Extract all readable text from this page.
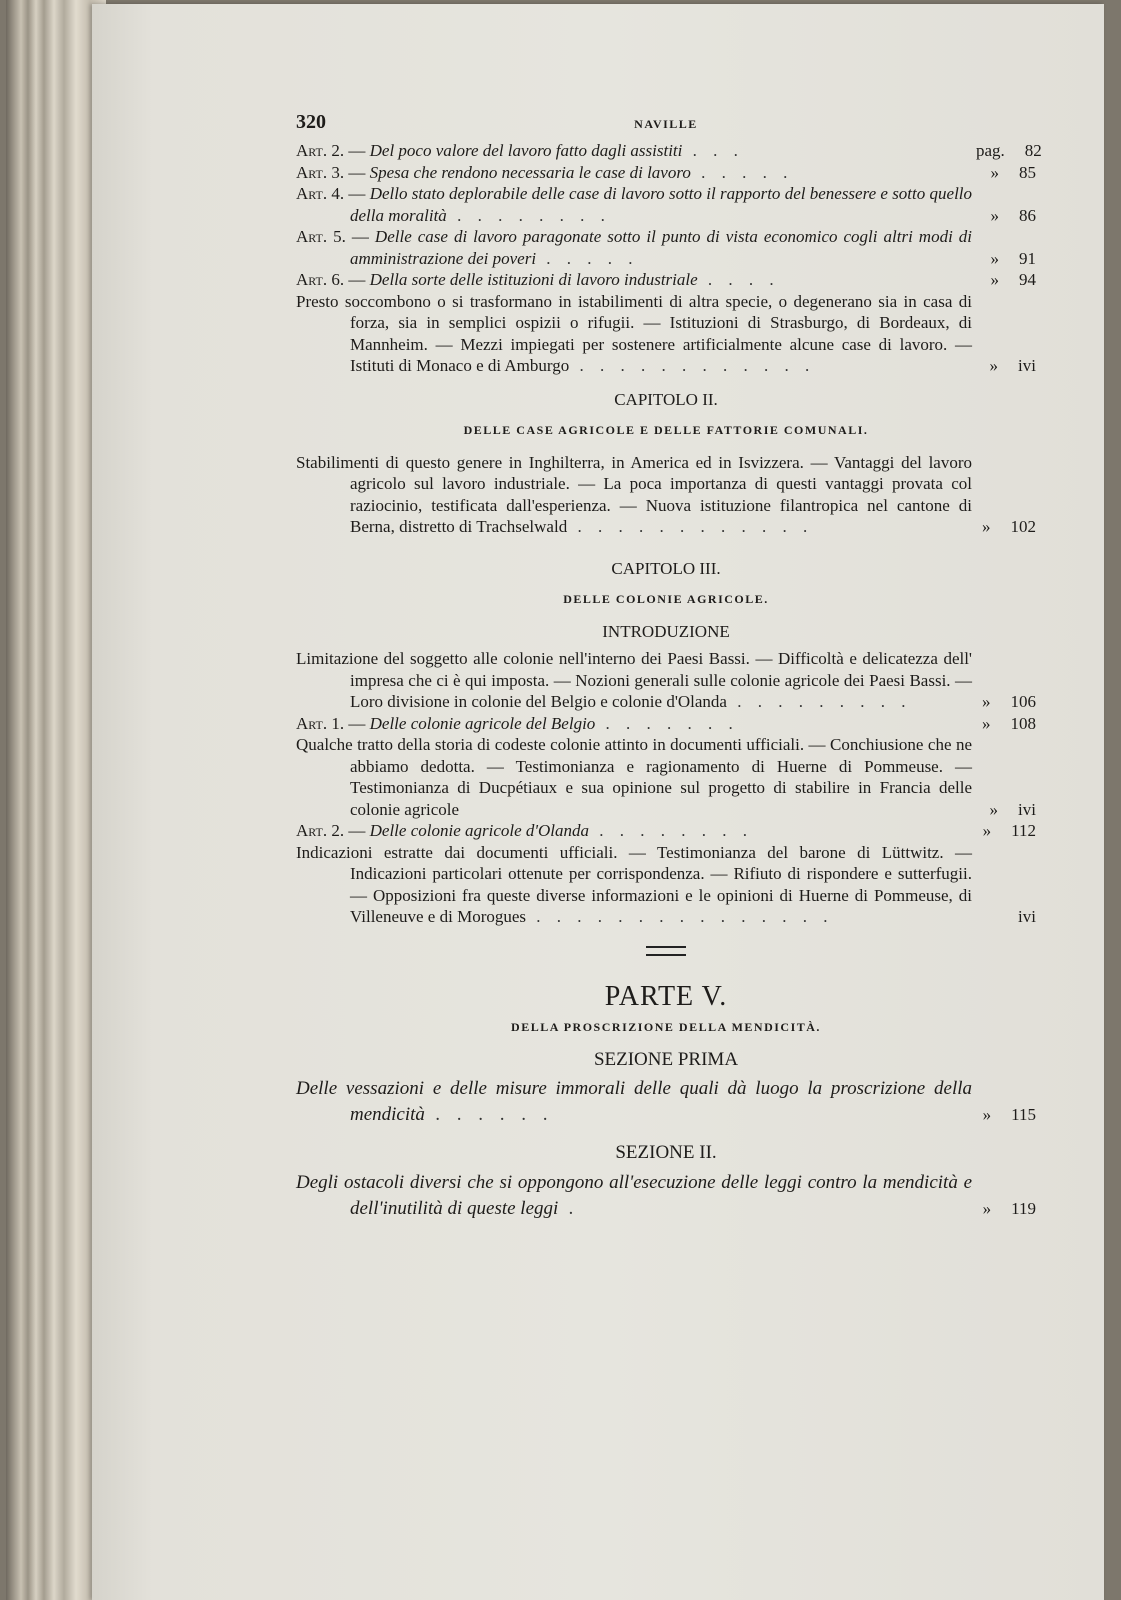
320	NAVILLE
Art. 2. — Del poco valore del lavoro fatto dagli assistiti . . .	pag. 82
Art. 3. — Spesa che rendono necessaria le case di lavoro . . . . .	» 85
Art. 4. — Dello stato deplorabile delle case di lavoro sotto il rapporto del benessere e sotto quello della moralità . . . . . . . .	» 86
Art. 5. — Delle case di lavoro paragonate sotto il punto di vista economico cogli altri modi di amministrazione dei poveri . . . . .	» 91
Art. 6. — Della sorte delle istituzioni di lavoro industriale . . . .	» 94
Presto soccombono o si trasformano in istabilimenti di altra specie, o degenerano sia in casa di forza, sia in semplici ospizii o rifugii. — Istituzioni di Strasburgo, di Bordeaux, di Mannheim. — Mezzi impiegati per sostenere artificialmente alcune case di lavoro. — Istituti di Monaco e di Amburgo . . . . . . . . . . . .	» ivi
CAPITOLO II.
DELLE CASE AGRICOLE E DELLE FATTORIE COMUNALI.
Stabilimenti di questo genere in Inghilterra, in America ed in Isvizzera. — Vantaggi del lavoro agricolo sul lavoro industriale. — La poca importanza di questi vantaggi provata col raziocinio, testificata dall'esperienza. — Nuova istituzione filantropica nel cantone di Berna, distretto di Trachselwald . . . . . . . . . . . .	» 102
CAPITOLO III.
DELLE COLONIE AGRICOLE.
INTRODUZIONE
Limitazione del soggetto alle colonie nell'interno dei Paesi Bassi. — Difficoltà e delicatezza dell' impresa che ci è qui imposta. — Nozioni generali sulle colonie agricole dei Paesi Bassi. — Loro divisione in colonie del Belgio e colonie d'Olanda . . . . . . . . .	» 106
Art. 1. — Delle colonie agricole del Belgio . . . . . . .	» 108
Qualche tratto della storia di codeste colonie attinto in documenti ufficiali. — Conchiusione che ne abbiamo dedotta. — Testimonianza e ragionamento di Huerne di Pommeuse. — Testimonianza di Ducpétiaux e sua opinione sul progetto di stabilire in Francia delle colonie agricole	» ivi
Art. 2. — Delle colonie agricole d'Olanda . . . . . . . .	» 112
Indicazioni estratte dai documenti ufficiali. — Testimonianza del barone di Lüttwitz. — Indicazioni particolari ottenute per corrispondenza. — Rifiuto di rispondere e sutterfugii. — Opposizioni fra queste diverse informazioni e le opinioni di Huerne di Pommeuse, di Villeneuve e di Morogues . . . . . . . . . . . . . . .	ivi
PARTE V.
DELLA PROSCRIZIONE DELLA MENDICITÀ.
SEZIONE PRIMA
Delle vessazioni e delle misure immorali delle quali dà luogo la proscrizione della mendicità . . . . . .	» 115
SEZIONE II.
Degli ostacoli diversi che si oppongono all'esecuzione delle leggi contro la mendicità e dell'inutilità di queste leggi .	» 119
